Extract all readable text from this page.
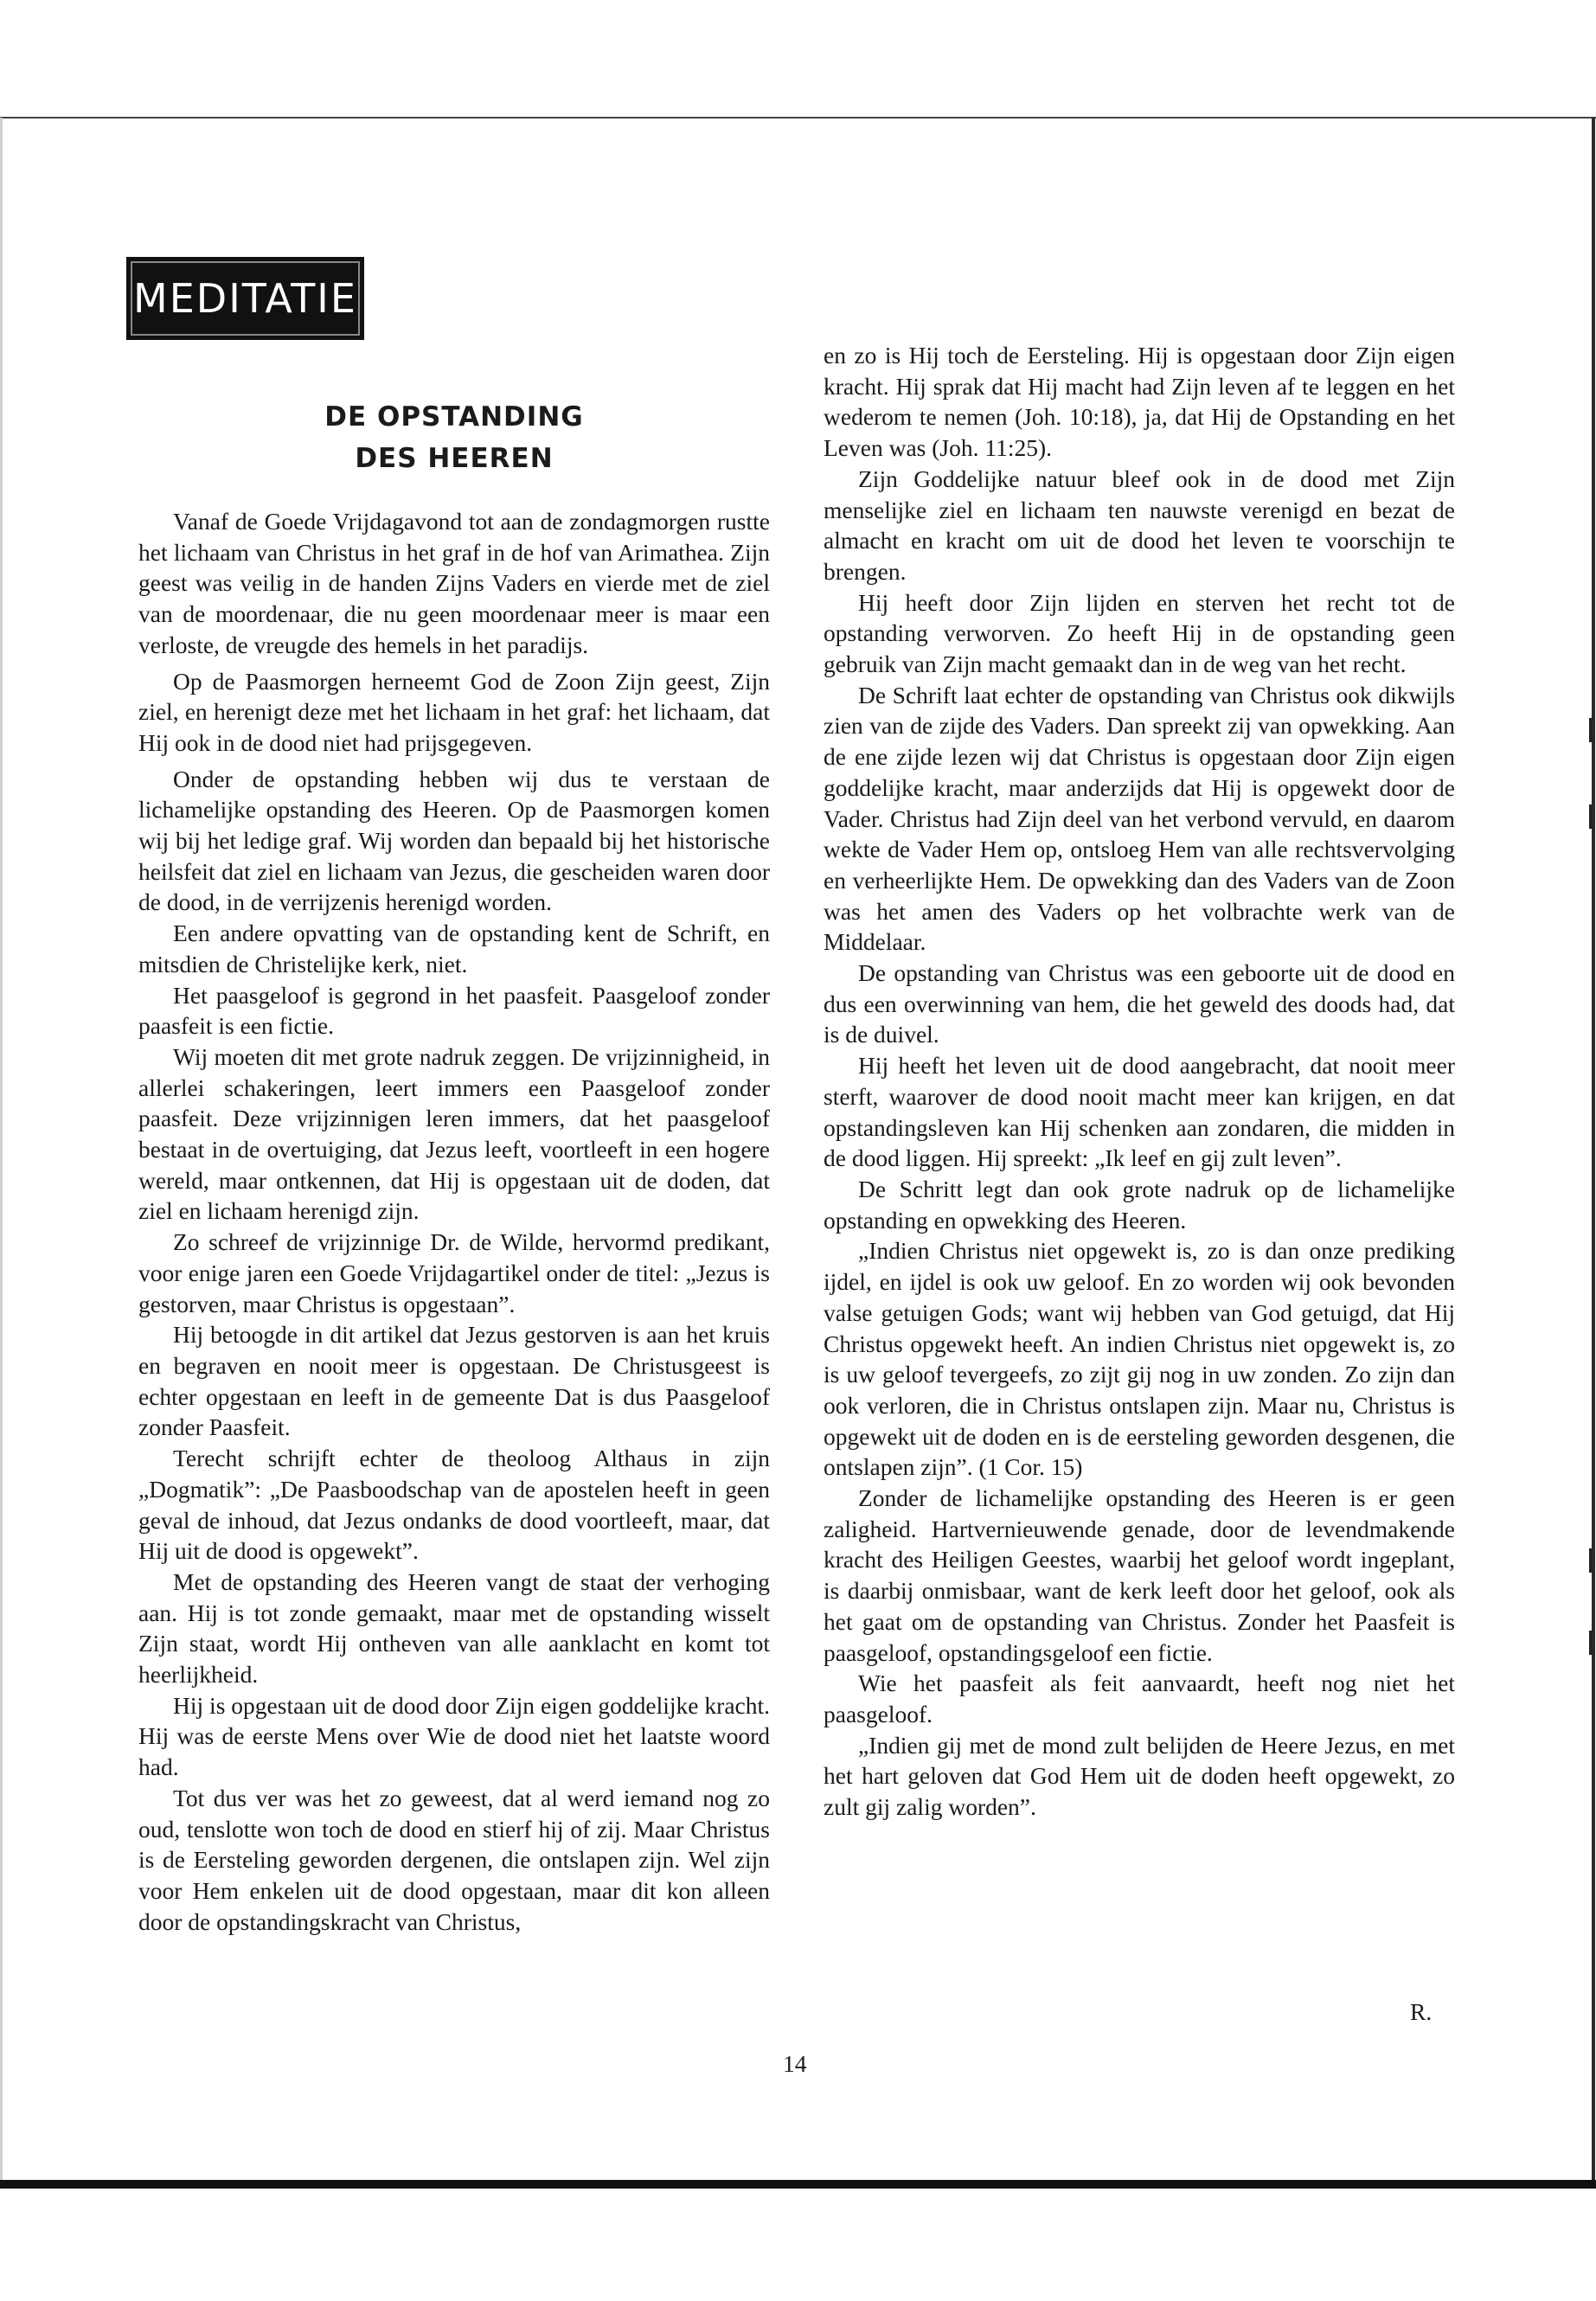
MEDITATIE
DE OPSTANDING
DES HEEREN

Vanaf de Goede Vrijdagavond tot aan de zondagmorgen rustte het lichaam van Christus in het graf in de hof van Arimathea. Zijn geest was veilig in de handen Zijns Vaders en vierde met de ziel van de moordenaar, die nu geen moordenaar meer is maar een verloste, de vreugde des hemels in het paradijs.

Op de Paasmorgen herneemt God de Zoon Zijn geest, Zijn ziel, en herenigt deze met het lichaam in het graf: het lichaam, dat Hij ook in de dood niet had prijsgegeven.

Onder de opstanding hebben wij dus te verstaan de lichamelijke opstanding des Heeren. Op de Paasmorgen komen wij bij het ledige graf. Wij worden dan bepaald bij het historische heilsfeit dat ziel en lichaam van Jezus, die gescheiden waren door de dood, in de verrijzenis herenigd worden.

Een andere opvatting van de opstanding kent de Schrift, en mitsdien de Christelijke kerk, niet.

Het paasgeloof is gegrond in het paasfeit. Paasgeloof zonder paasfeit is een fictie.

Wij moeten dit met grote nadruk zeggen. De vrijzinnigheid, in allerlei schakeringen, leert immers een Paasgeloof zonder paasfeit. Deze vrijzinnigen leren immers, dat het paasgeloof bestaat in de overtuiging, dat Jezus leeft, voortleeft in een hogere wereld, maar ontkennen, dat Hij is opgestaan uit de doden, dat ziel en lichaam herenigd zijn.

Zo schreef de vrijzinnige Dr. de Wilde, hervormd predikant, voor enige jaren een Goede Vrijdagartikel onder de titel: „Jezus is gestorven, maar Christus is opgestaan”.

Hij betoogde in dit artikel dat Jezus gestorven is aan het kruis en begraven en nooit meer is opgestaan. De Christusgeest is echter opgestaan en leeft in de gemeente Dat is dus Paasgeloof zonder Paasfeit.

Terecht schrijft echter de theoloog Althaus in zijn „Dogmatik”: „De Paasboodschap van de apostelen heeft in geen geval de inhoud, dat Jezus ondanks de dood voortleeft, maar, dat Hij uit de dood is opgewekt”.

Met de opstanding des Heeren vangt de staat der verhoging aan. Hij is tot zonde gemaakt, maar met de opstanding wisselt Zijn staat, wordt Hij ontheven van alle aanklacht en komt tot heerlijkheid.

Hij is opgestaan uit de dood door Zijn eigen goddelijke kracht. Hij was de eerste Mens over Wie de dood niet het laatste woord had.

Tot dus ver was het zo geweest, dat al werd iemand nog zo oud, tenslotte won toch de dood en stierf hij of zij. Maar Christus is de Eersteling geworden dergenen, die ontslapen zijn. Wel zijn voor Hem enkelen uit de dood opgestaan, maar dit kon alleen door de opstandingskracht van Christus,

en zo is Hij toch de Eersteling. Hij is opgestaan door Zijn eigen kracht. Hij sprak dat Hij macht had Zijn leven af te leggen en het wederom te nemen (Joh. 10:18), ja, dat Hij de Opstanding en het Leven was (Joh. 11:25).

Zijn Goddelijke natuur bleef ook in de dood met Zijn menselijke ziel en lichaam ten nauwste verenigd en bezat de almacht en kracht om uit de dood het leven te voorschijn te brengen.

Hij heeft door Zijn lijden en sterven het recht tot de opstanding verworven. Zo heeft Hij in de opstanding geen gebruik van Zijn macht gemaakt dan in de weg van het recht.

De Schrift laat echter de opstanding van Christus ook dikwijls zien van de zijde des Vaders. Dan spreekt zij van opwekking. Aan de ene zijde lezen wij dat Christus is opgestaan door Zijn eigen goddelijke kracht, maar anderzijds dat Hij is opgewekt door de Vader. Christus had Zijn deel van het verbond vervuld, en daarom wekte de Vader Hem op, ontsloeg Hem van alle rechtsvervolging en verheerlijkte Hem. De opwekking dan des Vaders van de Zoon was het amen des Vaders op het volbrachte werk van de Middelaar.

De opstanding van Christus was een geboorte uit de dood en dus een overwinning van hem, die het geweld des doods had, dat is de duivel.

Hij heeft het leven uit de dood aangebracht, dat nooit meer sterft, waarover de dood nooit macht meer kan krijgen, en dat opstandingsleven kan Hij schenken aan zondaren, die midden in de dood liggen. Hij spreekt: „Ik leef en gij zult leven”.

De Schritt legt dan ook grote nadruk op de lichamelijke opstanding en opwekking des Heeren.

„Indien Christus niet opgewekt is, zo is dan onze prediking ijdel, en ijdel is ook uw geloof. En zo worden wij ook bevonden valse getuigen Gods; want wij hebben van God getuigd, dat Hij Christus opgewekt heeft. An indien Christus niet opgewekt is, zo is uw geloof tevergeefs, zo zijt gij nog in uw zonden. Zo zijn dan ook verloren, die in Christus ontslapen zijn. Maar nu, Christus is opgewekt uit de doden en is de eersteling geworden desgenen, die ontslapen zijn”. (1 Cor. 15)

Zonder de lichamelijke opstanding des Heeren is er geen zaligheid. Hartvernieuwende genade, door de levendmakende kracht des Heiligen Geestes, waarbij het geloof wordt ingeplant, is daarbij onmisbaar, want de kerk leeft door het geloof, ook als het gaat om de opstanding van Christus. Zonder het Paasfeit is paasgeloof, opstandingsgeloof een fictie.

Wie het paasfeit als feit aanvaardt, heeft nog niet het paasgeloof.

„Indien gij met de mond zult belijden de Heere Jezus, en met het hart geloven dat God Hem uit de doden heeft opgewekt, zo zult gij zalig worden”.

R.
14
